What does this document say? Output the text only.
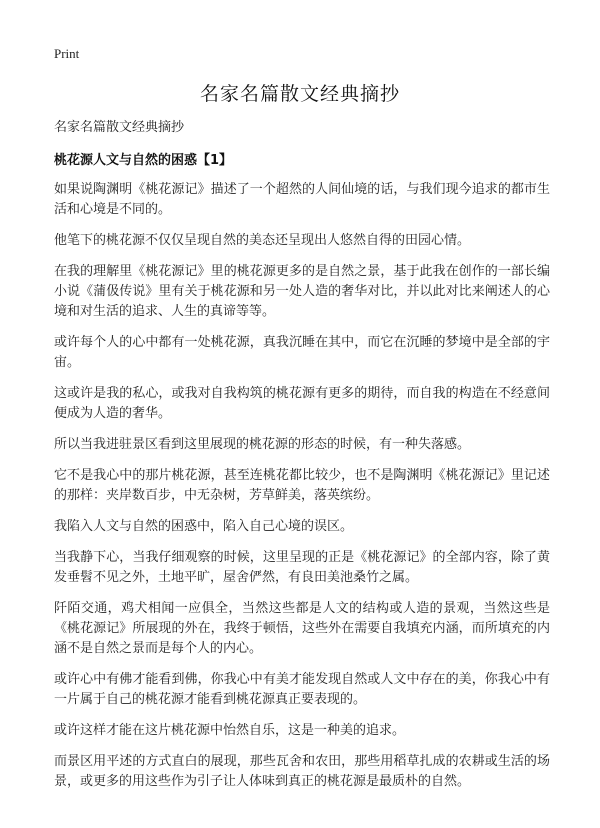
Print
名家名篇散文经典摘抄

名家名篇散文经典摘抄

桃花源人文与自然的困惑【1】

如果说陶渊明《桃花源记》描述了一个超然的人间仙境的话，与我们现今追求的都市生活和心境是不同的。

他笔下的桃花源不仅仅呈现自然的美态还呈现出人悠然自得的田园心情。

在我的理解里《桃花源记》里的桃花源更多的是自然之景，基于此我在创作的一部长编小说《蒲伋传说》里有关于桃花源和另一处人造的奢华对比，并以此对比来阐述人的心境和对生活的追求、人生的真谛等等。

或许每个人的心中都有一处桃花源，真我沉睡在其中，而它在沉睡的梦境中是全部的宇宙。

这或许是我的私心，或我对自我构筑的桃花源有更多的期待，而自我的构造在不经意间便成为人造的奢华。

所以当我进驻景区看到这里展现的桃花源的形态的时候，有一种失落感。

它不是我心中的那片桃花源，甚至连桃花都比较少，也不是陶渊明《桃花源记》里记述的那样：夹岸数百步，中无杂树，芳草鲜美，落英缤纷。

我陷入人文与自然的困惑中，陷入自己心境的误区。

当我静下心，当我仔细观察的时候，这里呈现的正是《桃花源记》的全部内容，除了黄发垂髫不见之外，土地平旷，屋舍俨然，有良田美池桑竹之属。

阡陌交通，鸡犬相闻一应俱全，当然这些都是人文的结构或人造的景观，当然这些是《桃花源记》所展现的外在，我终于顿悟，这些外在需要自我填充内涵，而所填充的内涵不是自然之景而是每个人的内心。

或许心中有佛才能看到佛，你我心中有美才能发现自然或人文中存在的美，你我心中有一片属于自己的桃花源才能看到桃花源真正要表现的。

或许这样才能在这片桃花源中怡然自乐，这是一种美的追求。

而景区用平述的方式直白的展现，那些瓦舍和农田，那些用稻草扎成的农耕或生活的场景，或更多的用这些作为引子让人体味到真正的桃花源是最质朴的自然。
